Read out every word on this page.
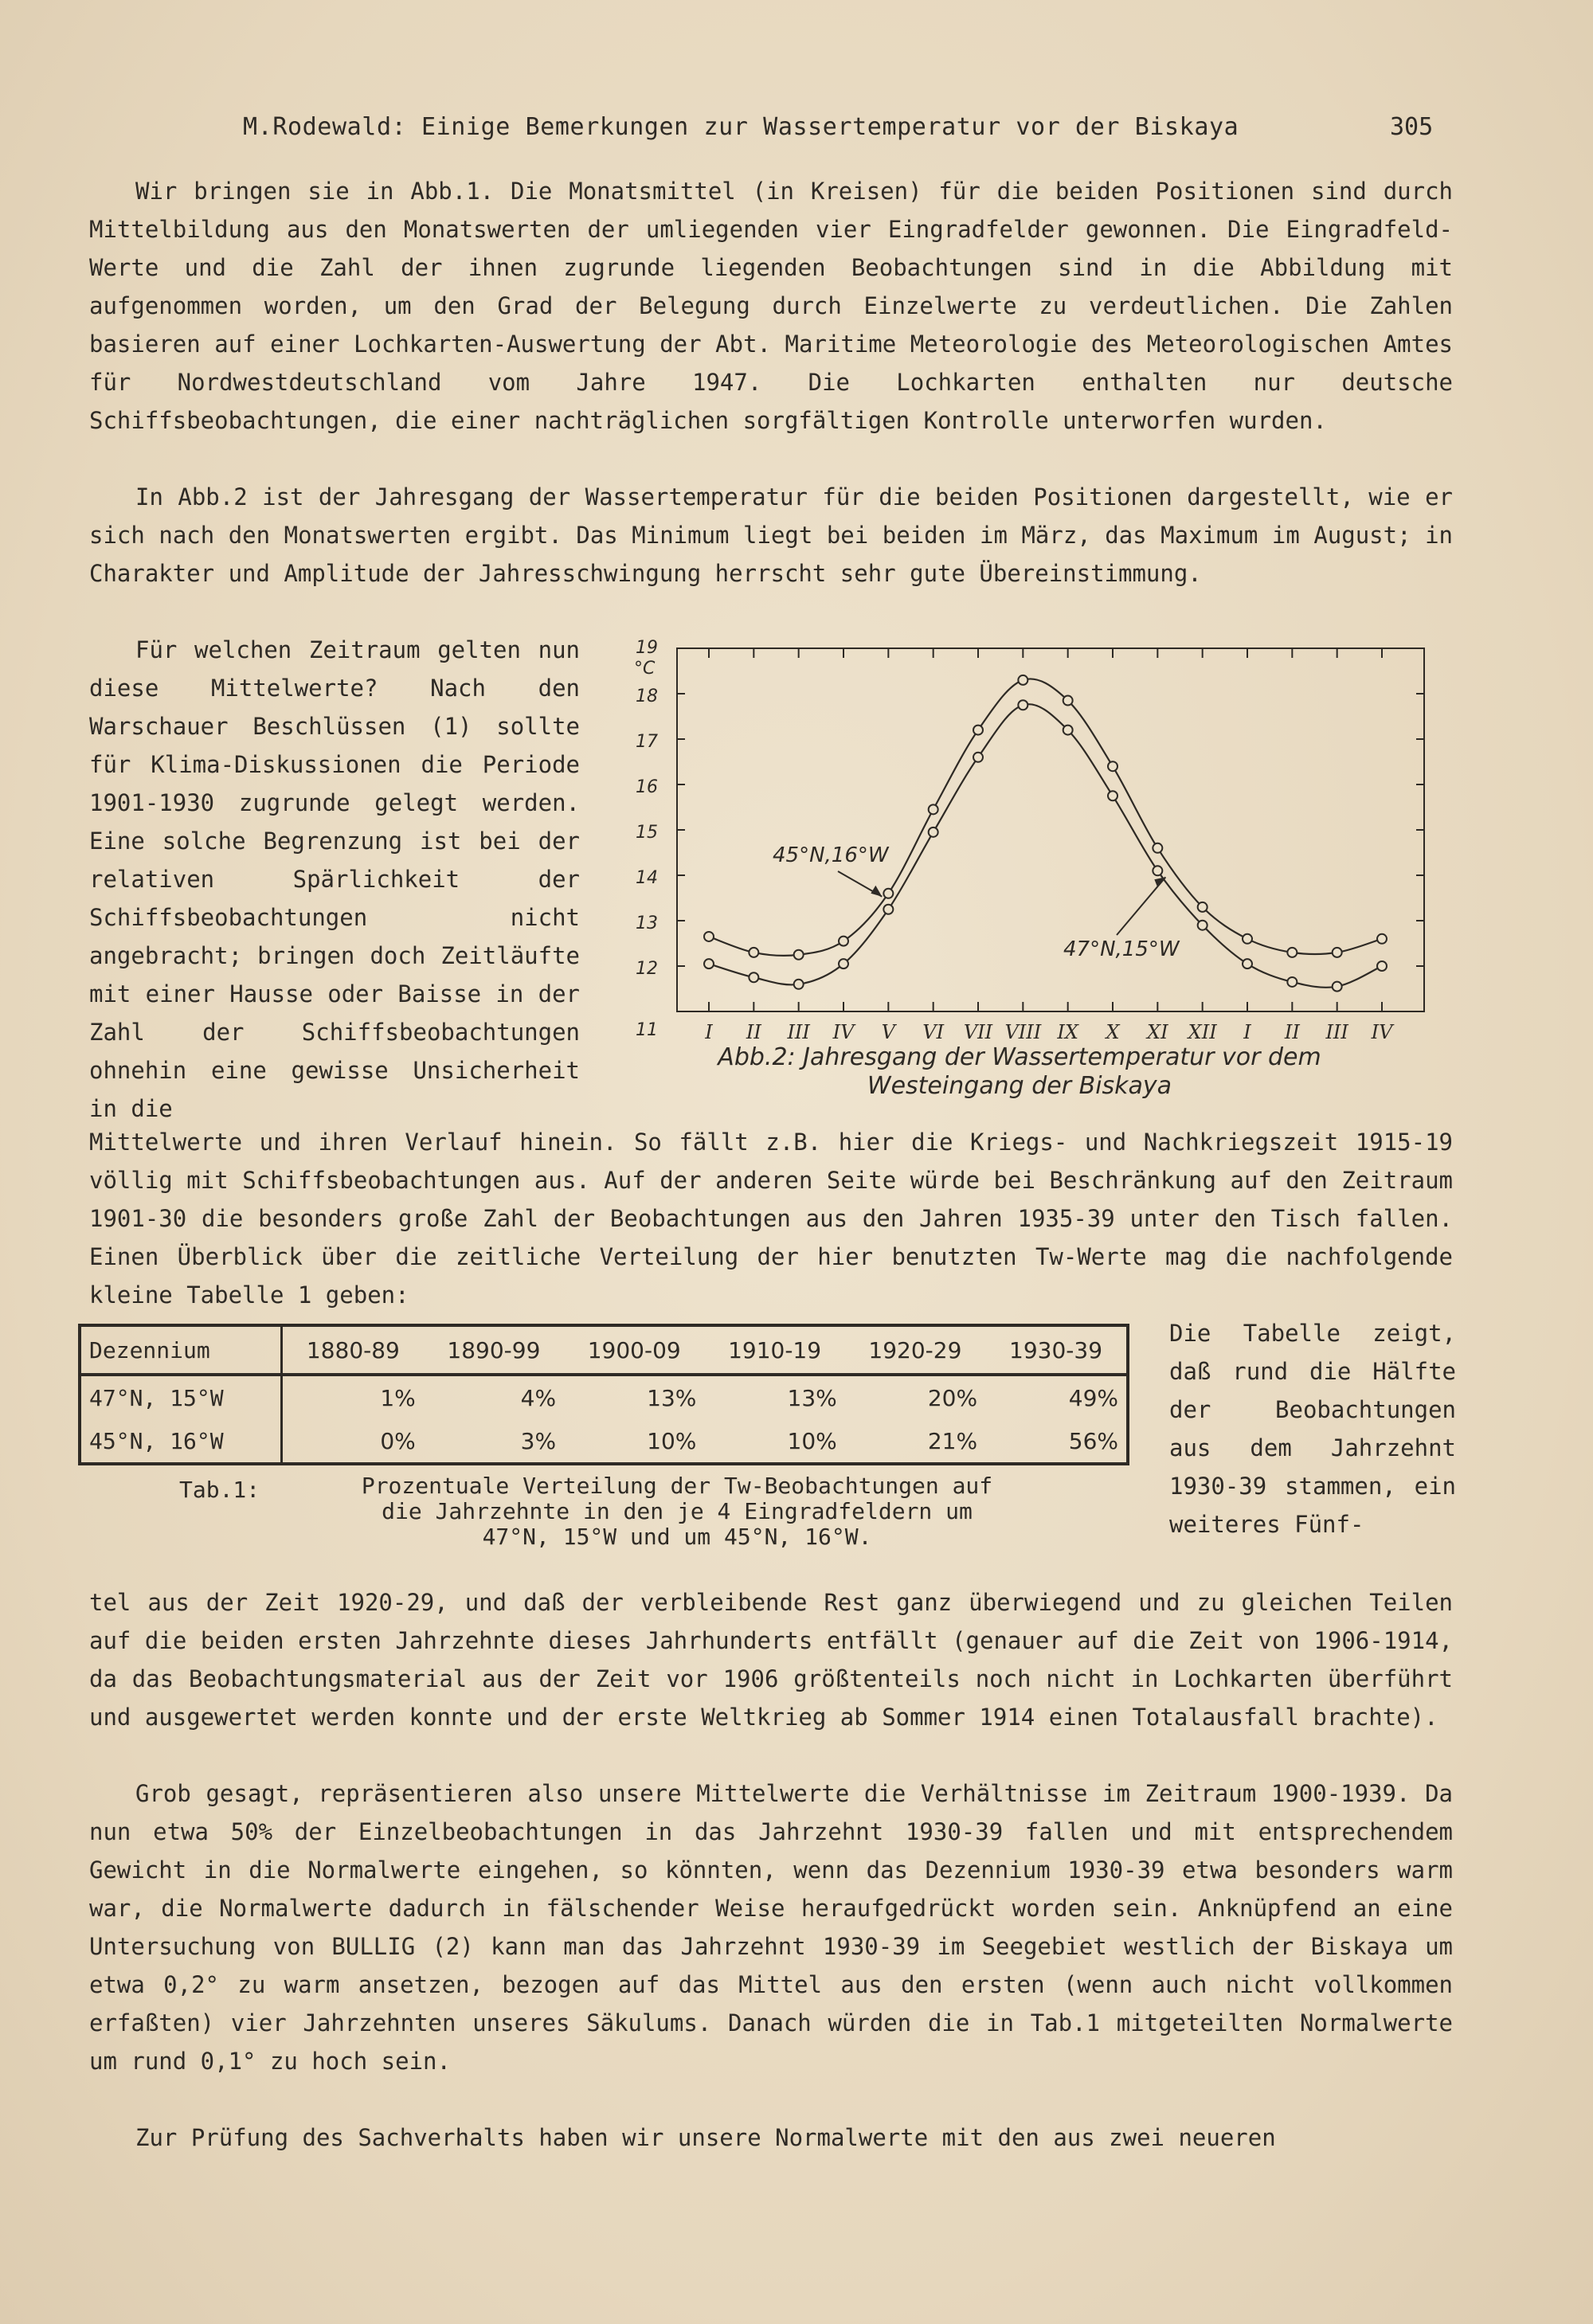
M.Rodewald: Einige Bemerkungen zur Wassertemperatur vor der Biskaya	305

Wir bringen sie in Abb.1. Die Monatsmittel (in Kreisen) für die beiden Positionen sind durch Mittelbildung aus den Monatswerten der umliegenden vier Eingradfelder gewonnen. Die Eingradfeld-Werte und die Zahl der ihnen zugrunde liegenden Beobachtungen sind in die Abbildung mit aufgenommen worden, um den Grad der Belegung durch Einzelwerte zu verdeutlichen. Die Zahlen basieren auf einer Lochkarten-Auswertung der Abt. Maritime Meteorologie des Meteorologischen Amtes für Nordwestdeutschland vom Jahre 1947. Die Lochkarten enthalten nur deutsche Schiffsbeobachtungen, die einer nachträglichen sorgfältigen Kontrolle unterworfen wurden.

In Abb.2 ist der Jahresgang der Wassertemperatur für die beiden Positionen dargestellt, wie er sich nach den Monatswerten ergibt. Das Minimum liegt bei beiden im März, das Maximum im August; in Charakter und Amplitude der Jahresschwingung herrscht sehr gute Übereinstimmung.

Für welchen Zeitraum gelten nun diese Mittelwerte? Nach den Warschauer Beschlüssen (1) sollte für Klima-Diskussionen die Periode 1901-1930 zugrunde gelegt werden. Eine solche Begrenzung ist bei der relativen Spärlichkeit der Schiffsbeobachtungen nicht angebracht; bringen doch Zeitläufte mit einer Hausse oder Baisse in der Zahl der Schiffsbeobachtungen ohnehin eine gewisse Unsicherheit in die

11
12
13
14
15
16
17
18
19
°C
I II III IV V VI VII VIII IX X XI XII I II III IV
45°N,16°W
47°N,15°W
Abb.2: Jahresgang der Wassertemperatur vor dem
Westeingang der Biskaya

Mittelwerte und ihren Verlauf hinein. So fällt z.B. hier die Kriegs- und Nachkriegszeit 1915-19 völlig mit Schiffsbeobachtungen aus. Auf der anderen Seite würde bei Beschränkung auf den Zeitraum 1901-30 die besonders große Zahl der Beobachtungen aus den Jahren 1935-39 unter den Tisch fallen. Einen Überblick über die zeitliche Verteilung der hier benutzten Tw-Werte mag die nachfolgende kleine Tabelle 1 geben:

Dezennium	1880-89	1890-99	1900-09	1910-19	1920-29	1930-39
47°N, 15°W	1%	4%	13%	13%	20%	49%
45°N, 16°W	0%	3%	10%	10%	21%	56%
Tab.1:	Prozentuale Verteilung der Tw-Beobachtungen auf
die Jahrzehnte in den je 4 Eingradfeldern um
47°N, 15°W und um 45°N, 16°W.
Die Tabelle zeigt, daß rund die Hälfte der Beobachtungen aus dem Jahrzehnt 1930-39 stammen, ein weiteres Fünf-

tel aus der Zeit 1920-29, und daß der verbleibende Rest ganz überwiegend und zu gleichen Teilen auf die beiden ersten Jahrzehnte dieses Jahrhunderts entfällt (genauer auf die Zeit von 1906-1914, da das Beobachtungsmaterial aus der Zeit vor 1906 größtenteils noch nicht in Lochkarten überführt und ausgewertet werden konnte und der erste Weltkrieg ab Sommer 1914 einen Totalausfall brachte).

Grob gesagt, repräsentieren also unsere Mittelwerte die Verhältnisse im Zeitraum 1900-1939. Da nun etwa 50% der Einzelbeobachtungen in das Jahrzehnt 1930-39 fallen und mit entsprechendem Gewicht in die Normalwerte eingehen, so könnten, wenn das Dezennium 1930-39 etwa besonders warm war, die Normalwerte dadurch in fälschender Weise heraufgedrückt worden sein. Anknüpfend an eine Untersuchung von BULLIG (2) kann man das Jahrzehnt 1930-39 im Seegebiet westlich der Biskaya um etwa 0,2° zu warm ansetzen, bezogen auf das Mittel aus den ersten (wenn auch nicht vollkommen erfaßten) vier Jahrzehnten unseres Säkulums. Danach würden die in Tab.1 mitgeteilten Normalwerte um rund 0,1° zu hoch sein.

Zur Prüfung des Sachverhalts haben wir unsere Normalwerte mit den aus zwei neueren
